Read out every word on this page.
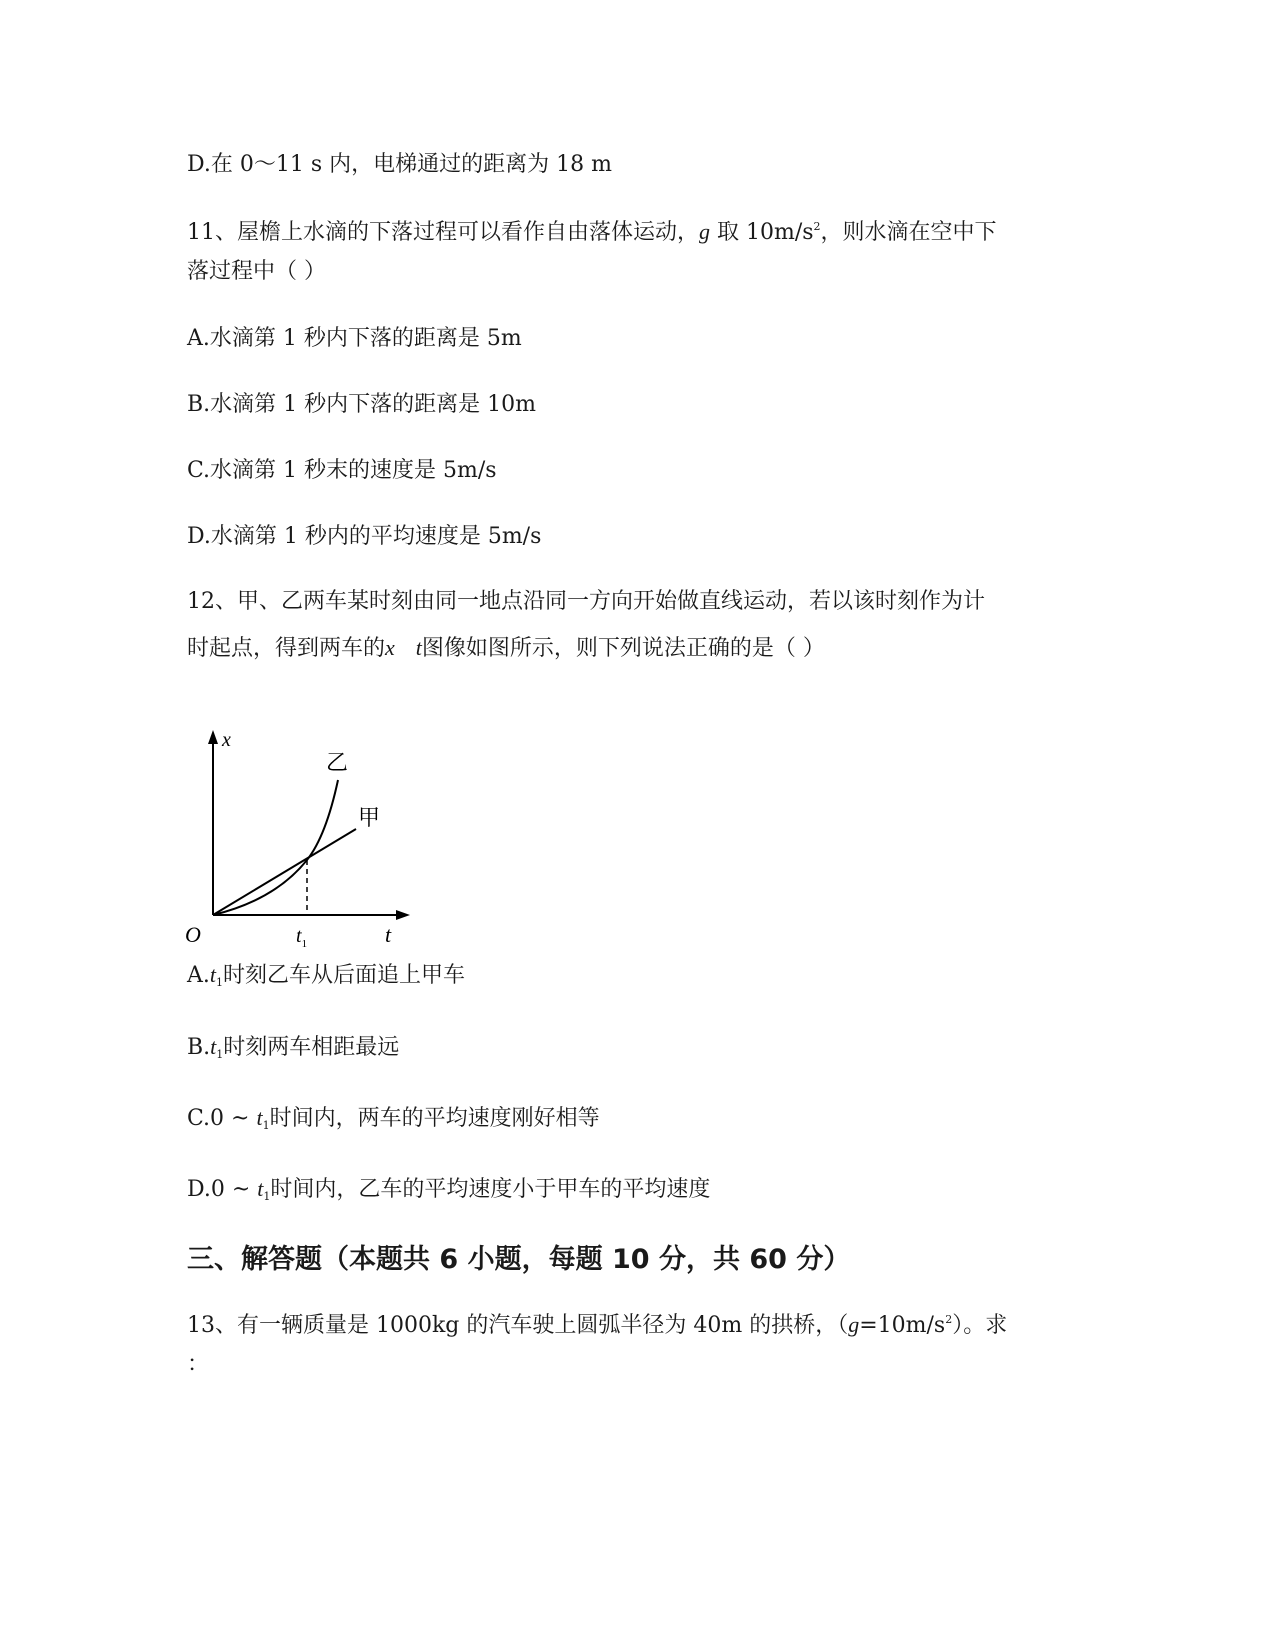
D.在 0～11 s 内，电梯通过的距离为 18 m
11、屋檐上水滴的下落过程可以看作自由落体运动，g 取 $10m/s^2$，则水滴在空中下
落过程中（ ）
A.水滴第 1 秒内下落的距离是 5m
B.水滴第 1 秒内下落的距离是 10m
C.水滴第 1 秒末的速度是 5m/s
D.水滴第 1 秒内的平均速度是 5m/s
12、甲、乙两车某时刻由同一地点沿同一方向开始做直线运动，若以该时刻作为计
时起点，得到两车的x t图像如图所示，则下列说法正确的是（ ）
x
t
O	$t_1$
乙
甲
$A.t_1$时刻乙车从后面追上甲车
$B.t_1$时刻两车相距最远
C.0 ~ $t_1$时间内，两车的平均速度刚好相等
D.0 ~ $t_1$时间内，乙车的平均速度小于甲车的平均速度
三、解答题（本题共 6 小题，每题 10 分，共 60 分）
13、有一辆质量是 1000kg 的汽车驶上圆弧半径为 40m 的拱桥，$(g=10m/s^2)$。求
：
